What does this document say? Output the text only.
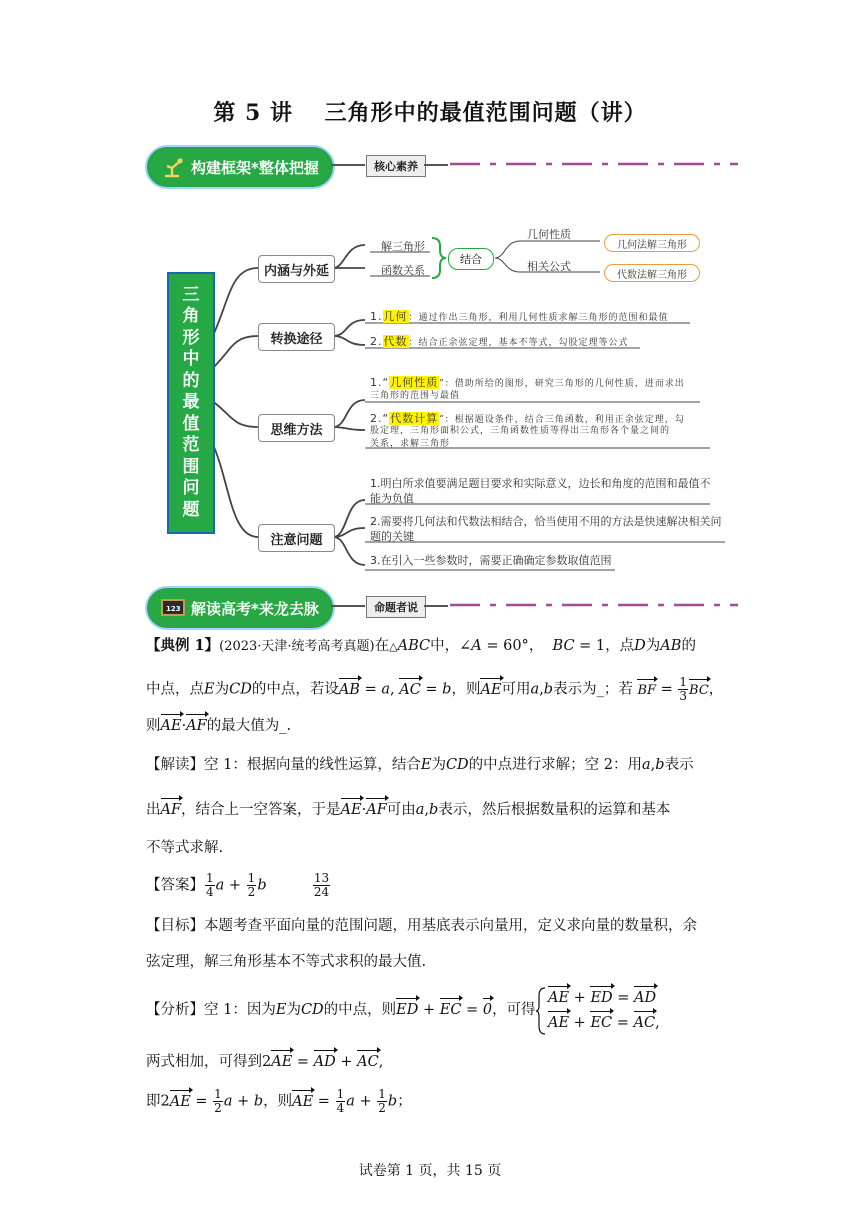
第 5 讲　 三角形中的最值范围问题（讲）
构建框架*整体把握	核心素养
三
角
形
中
的
最
值
范
围
问
题
内涵与外延
转换途径
思维方法
注意问题
解三角形
函数关系
结合
几何性质
相关公式
几何法解三角形
代数法解三角形
1.几何：通过作出三角形，利用几何性质求解三角形的范围和最值
2.代数：结合正余弦定理，基本不等式，勾股定理等公式
1.“几何性质”：借助所给的图形，研究三角形的几何性质，进而求出
三角形的范围与最值
2.“代数计算”：根据题设条件，结合三角函数，利用正余弦定理，勾
股定理，三角形面积公式，三角函数性质等得出三角形各个量之间的
关系，求解三角形
1.明白所求值要满足题目要求和实际意义，边长和角度的范围和最值不
能为负值
2.需要将几何法和代数法相结合，恰当使用不用的方法是快速解决相关问
题的关键
3.在引入一些参数时，需要正确确定参数取值范围
123 解读高考*来龙去脉	命题者说
【典例 1】(2023·天津·统考高考真题)在△ABC中，∠A = 60°， BC = 1，点D为AB的
中点，点E为CD的中点，若设AB = a, AC = b，则AE可用a,b表示为_；若 BF = $\frac{1}{3}$ BC，
则AE·AF的最大值为_.
【解读】空 1：根据向量的线性运算，结合E为CD的中点进行求解；空 2：用a,b表示
出AF，结合上一空答案，于是AE·AF可由a,b表示，然后根据数量积的运算和基本
不等式求解.
【答案】 $\frac{1}{4}$ $a + \frac{1}{2}$ b	$\frac{13}{24}$
【目标】本题考查平面向量的范围问题，用基底表示向量用，定义求向量的数量积，余
弦定理，解三角形基本不等式求积的最大值.
【分析】空 1：因为E为CD的中点，则ED + EC = 0，可得
AE + ED = AD
AE + EC = AC,
两式相加，可得到2AE = AD + AC,
即$2AE = \frac{1}{2}$ a + b，则AE = $\frac{1}{4}$ $a + \frac{1}{2}$ b；
试卷第 1 页，共 15 页
